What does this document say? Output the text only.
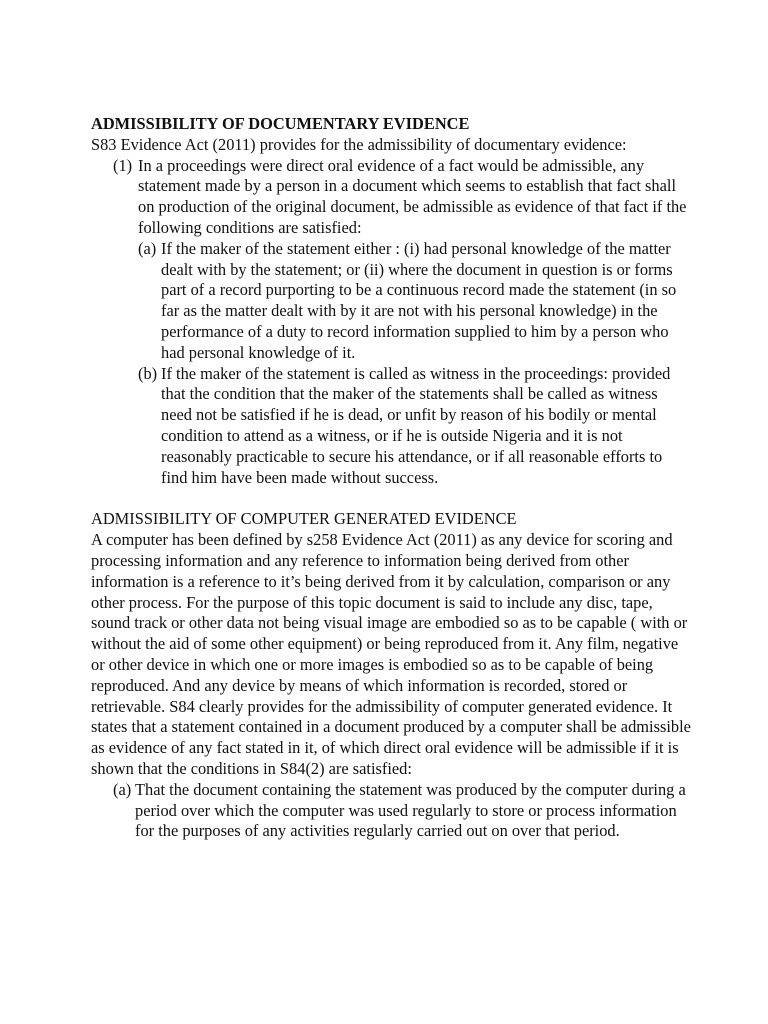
ADMISSIBILITY OF DOCUMENTARY EVIDENCE

S83 Evidence Act (2011) provides for the admissibility of documentary evidence:

(1) In a proceedings were direct oral evidence of a fact would be admissible, any statement made by a person in a document which seems to establish that fact shall on production of the original document, be admissible as evidence of that fact if the following conditions are satisfied:

(a) If the maker of the statement either : (i) had personal knowledge of the matter dealt with by the statement; or (ii) where the document in question is or forms part of a record purporting to be a continuous record made the statement (in so far as the matter dealt with by it are not with his personal knowledge) in the performance of a duty to record information supplied to him by a person who had personal knowledge of it.

(b) If the maker of the statement is called as witness in the proceedings: provided that the condition that the maker of the statements shall be called as witness need not be satisfied if he is dead, or unfit by reason of his bodily or mental condition to attend as a witness, or if he is outside Nigeria and it is not reasonably practicable to secure his attendance, or if all reasonable efforts to find him have been made without success.

ADMISSIBILITY OF COMPUTER GENERATED EVIDENCE

A computer has been defined by s258 Evidence Act (2011) as any device for scoring and processing information and any reference to information being derived from other information is a reference to it’s being derived from it by calculation, comparison or any other process. For the purpose of this topic document is said to include any disc, tape, sound track or other data not being visual image are embodied so as to be capable ( with or without the aid of some other equipment) or being reproduced from it. Any film, negative or other device in which one or more images is embodied so as to be capable of being reproduced. And any device by means of which information is recorded, stored or retrievable. S84 clearly provides for the admissibility of computer generated evidence. It states that a statement contained in a document produced by a computer shall be admissible as evidence of any fact stated in it, of which direct oral evidence will be admissible if it is shown that the conditions in S84(2) are satisfied:

(a) That the document containing the statement was produced by the computer during a period over which the computer was used regularly to store or process information for the purposes of any activities regularly carried out on over that period.
